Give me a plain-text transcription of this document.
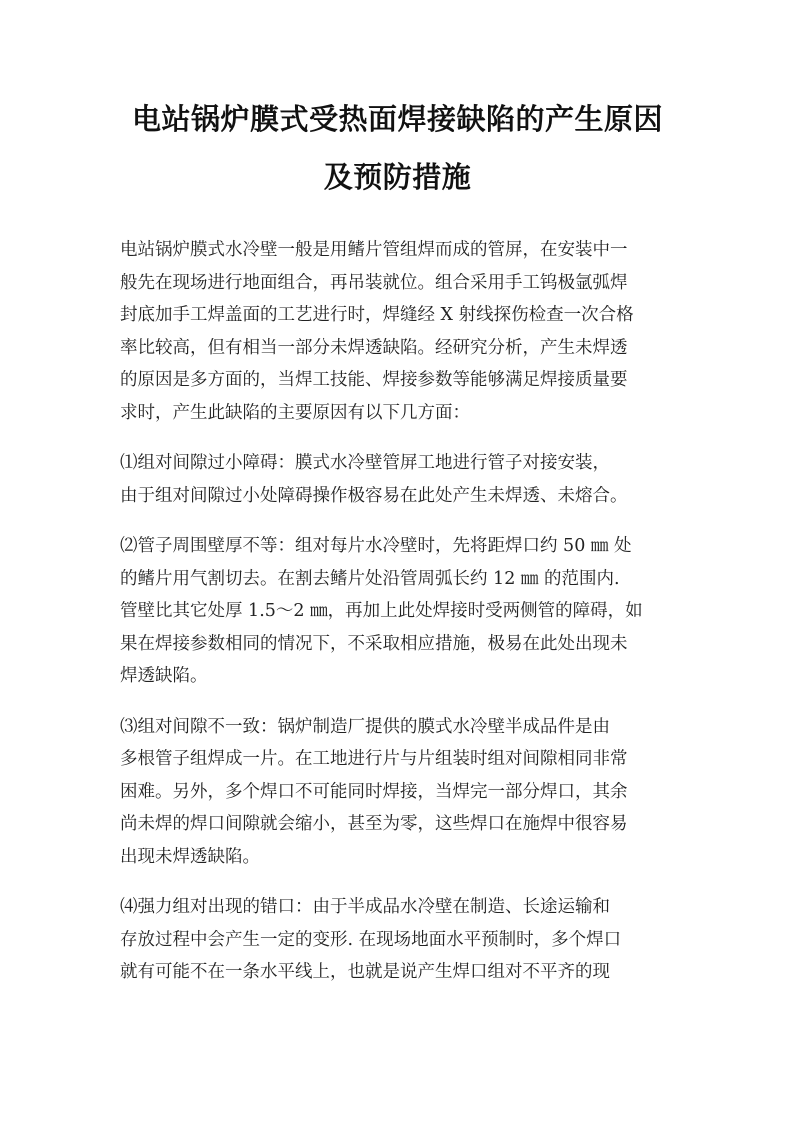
电站锅炉膜式受热面焊接缺陷的产生原因
及预防措施

电站锅炉膜式水冷壁一般是用鳍片管组焊而成的管屏，在安装中一
般先在现场进行地面组合，再吊装就位。组合采用手工钨极氩弧焊
封底加手工焊盖面的工艺进行时，焊缝经 X 射线探伤检查一次合格
率比较高，但有相当一部分未焊透缺陷。经研究分析，产生未焊透
的原因是多方面的，当焊工技能、焊接参数等能够满足焊接质量要
求时，产生此缺陷的主要原因有以下几方面：

⑴组对间隙过小障碍：膜式水冷壁管屏工地进行管子对接安装，
由于组对间隙过小处障碍操作极容易在此处产生未焊透、未熔合。

⑵管子周围壁厚不等：组对每片水冷壁时，先将距焊口约 50 ㎜ 处
的鳍片用气割切去。在割去鳍片处沿管周弧长约 12 ㎜ 的范围内.
管壁比其它处厚 1.5～2 ㎜，再加上此处焊接时受两侧管的障碍，如
果在焊接参数相同的情况下，不采取相应措施，极易在此处出现未
焊透缺陷。

⑶组对间隙不一致：锅炉制造厂提供的膜式水冷壁半成品件是由
多根管子组焊成一片。在工地进行片与片组装时组对间隙相同非常
困难。另外，多个焊口不可能同时焊接，当焊完一部分焊口，其余
尚未焊的焊口间隙就会缩小，甚至为零，这些焊口在施焊中很容易
出现未焊透缺陷。

⑷强力组对出现的错口：由于半成品水冷壁在制造、长途运输和
存放过程中会产生一定的变形. 在现场地面水平预制时，多个焊口
就有可能不在一条水平线上，也就是说产生焊口组对不平齐的现
